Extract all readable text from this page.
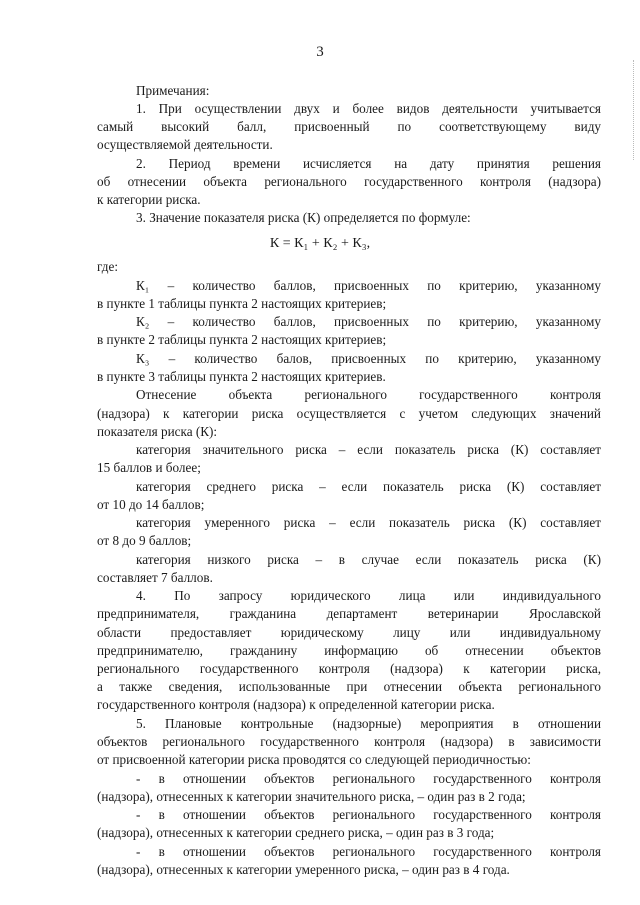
3
Примечания:
1. При осуществлении двух и более видов деятельности учитывается
самый высокий балл, присвоенный по соответствующему виду
осуществляемой деятельности.
2. Период времени исчисляется на дату принятия решения
об отнесении объекта регионального государственного контроля (надзора)
к категории риска.
3. Значение показателя риска (К) определяется по формуле:
К = К₁ + К₂ + К₃,
где:
К₁ – количество баллов, присвоенных по критерию, указанному
в пункте 1 таблицы пункта 2 настоящих критериев;
К₂ – количество баллов, присвоенных по критерию, указанному
в пункте 2 таблицы пункта 2 настоящих критериев;
К₃ – количество балов, присвоенных по критерию, указанному
в пункте 3 таблицы пункта 2 настоящих критериев.
Отнесение объекта регионального государственного контроля
(надзора) к категории риска осуществляется с учетом следующих значений
показателя риска (К):
категория значительного риска – если показатель риска (К) составляет
15 баллов и более;
категория среднего риска – если показатель риска (К) составляет
от 10 до 14 баллов;
категория умеренного риска – если показатель риска (К) составляет
от 8 до 9 баллов;
категория низкого риска – в случае если показатель риска (К)
составляет 7 баллов.
4. По запросу юридического лица или индивидуального
предпринимателя, гражданина департамент ветеринарии Ярославской
области предоставляет юридическому лицу или индивидуальному
предпринимателю, гражданину информацию об отнесении объектов
регионального государственного контроля (надзора) к категории риска,
а также сведения, использованные при отнесении объекта регионального
государственного контроля (надзора) к определенной категории риска.
5. Плановые контрольные (надзорные) мероприятия в отношении
объектов регионального государственного контроля (надзора) в зависимости
от присвоенной категории риска проводятся со следующей периодичностью:
- в отношении объектов регионального государственного контроля
(надзора), отнесенных к категории значительного риска, – один раз в 2 года;
- в отношении объектов регионального государственного контроля
(надзора), отнесенных к категории среднего риска, – один раз в 3 года;
- в отношении объектов регионального государственного контроля
(надзора), отнесенных к категории умеренного риска, – один раз в 4 года.
